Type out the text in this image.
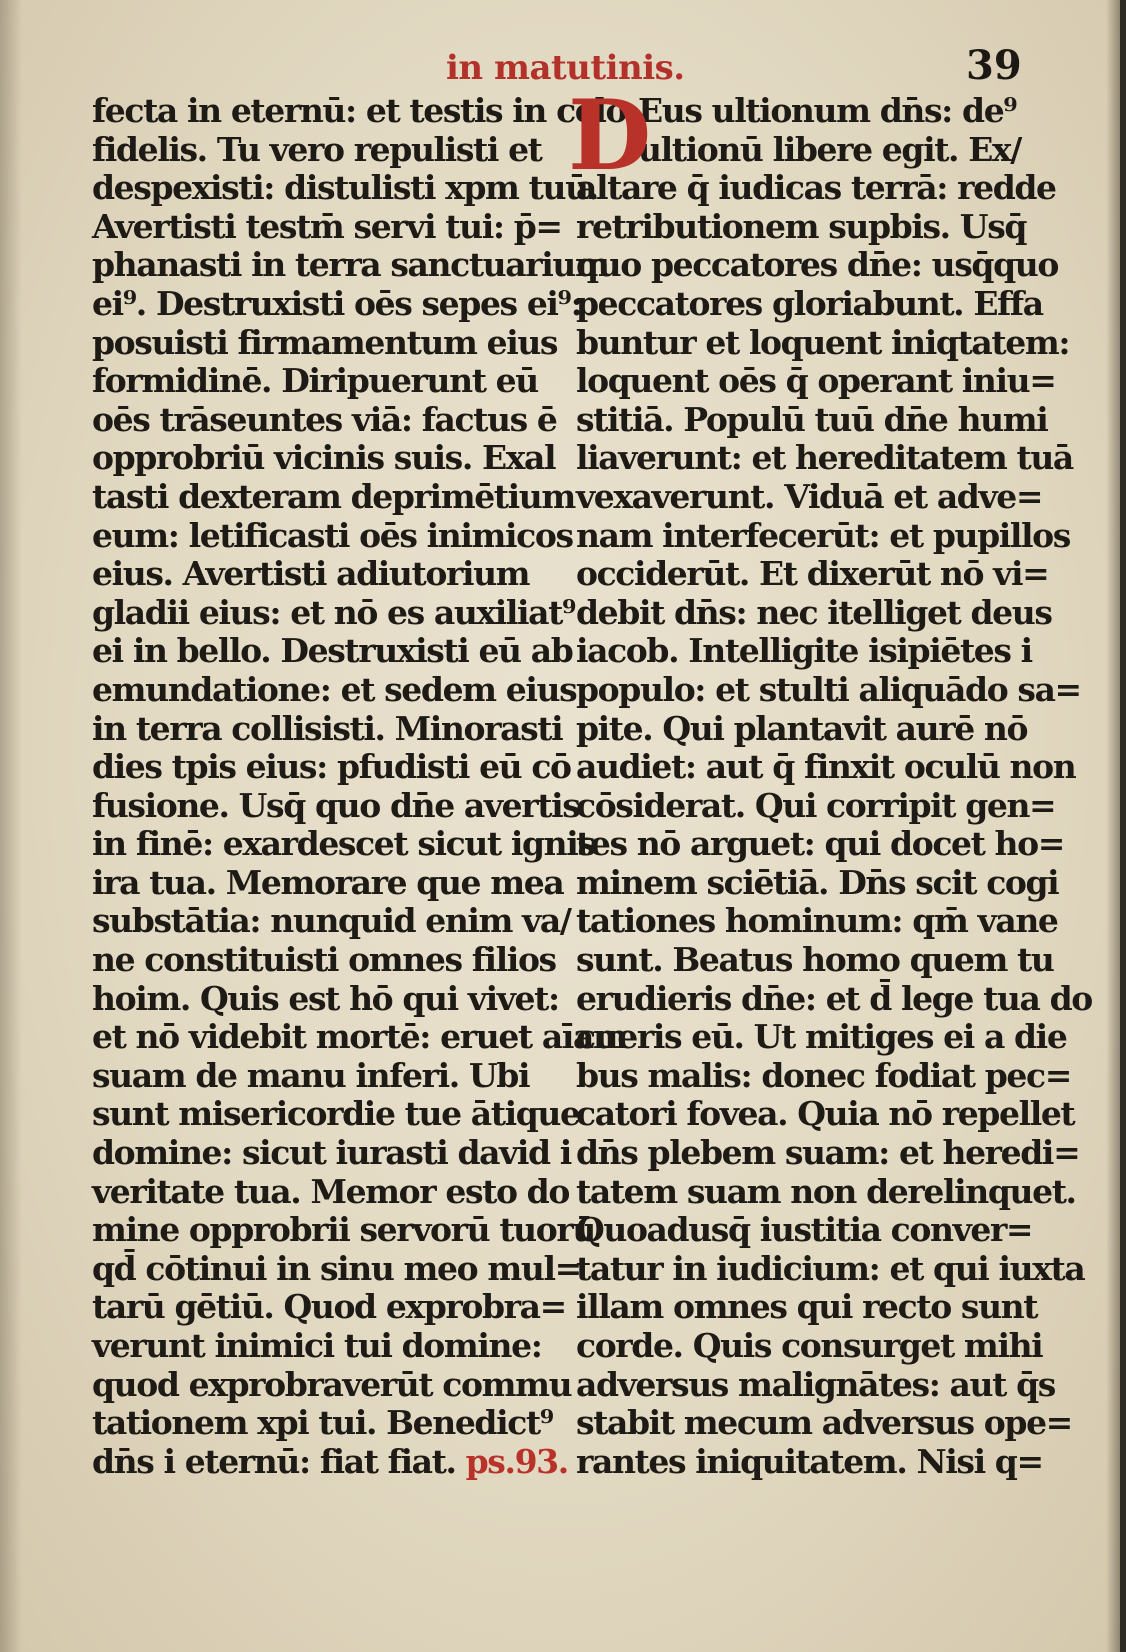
in matutinis.	39
fecta in eternū: et testis in celo
fidelis. Tu vero repulisti et
despexisti: distulisti xpm tuū.
Avertisti testm̄ servi tui: p̄=
phanasti in terra sanctuarium
ei⁹. Destruxisti oēs sepes ei⁹:
posuisti firmamentum eius
formidinē. Diripuerunt eū
oēs trāseuntes viā: factus ē
opprobriū vicinis suis. Exal
tasti dexteram deprimētium
eum: letificasti oēs inimicos
eius. Avertisti adiutorium
gladii eius: et nō es auxiliat⁹
ei in bello. Destruxisti eū ab
emundatione: et sedem eius
in terra collisisti. Minorasti
dies tpis eius: pfudisti eū cō
fusione. Usq̄ quo dn̄e avertis
in finē: exardescet sicut ignis
ira tua. Memorare que mea
substātia: nunquid enim va/
ne constituisti omnes filios
hoim. Quis est hō qui vivet:
et nō videbit mortē: eruet aīam
suam de manu inferi. Ubi
sunt misericordie tue ātique
domine: sicut iurasti david i
veritate tua. Memor esto do
mine opprobrii servorū tuorū
qd̄ cōtinui in sinu meo mul=
tarū gētiū. Quod exprobra=
verunt inimici tui domine:
quod exprobraverūt commu
tationem xpi tui. Benedict⁹
dn̄s i eternū: fiat fiat. ps.93.
D
Eus ultionum dn̄s: de⁹
ultionū libere egit. Ex/
altare q̄ iudicas terrā: redde
retributionem supbis. Usq̄
quo peccatores dn̄e: usq̄quo
peccatores gloriabunt. Effa
buntur et loquent iniqtatem:
loquent oēs q̄ operant iniu=
stitiā. Populū tuū dn̄e humi
liaverunt: et hereditatem tuā
vexaverunt. Viduā et adve=
nam interfecerūt: et pupillos
occiderūt. Et dixerūt nō vi=
debit dn̄s: nec itelliget deus
iacob. Intelligite isipiētes i
populo: et stulti aliquādo sa=
pite. Qui plantavit aurē nō
audiet: aut q̄ finxit oculū non
cōsiderat. Qui corripit gen=
tes nō arguet: qui docet ho=
minem sciētiā. Dn̄s scit cogi
tationes hominum: qm̄ vane
sunt. Beatus homo quem tu
erudieris dn̄e: et d̄ lege tua do
cueris eū. Ut mitiges ei a die
bus malis: donec fodiat pec=
catori fovea. Quia nō repellet
dn̄s plebem suam: et heredi=
tatem suam non derelinquet.
Quoadusq̄ iustitia conver=
tatur in iudicium: et qui iuxta
illam omnes qui recto sunt
corde. Quis consurget mihi
adversus malignātes: aut q̄s
stabit mecum adversus ope=
rantes iniquitatem. Nisi q=
